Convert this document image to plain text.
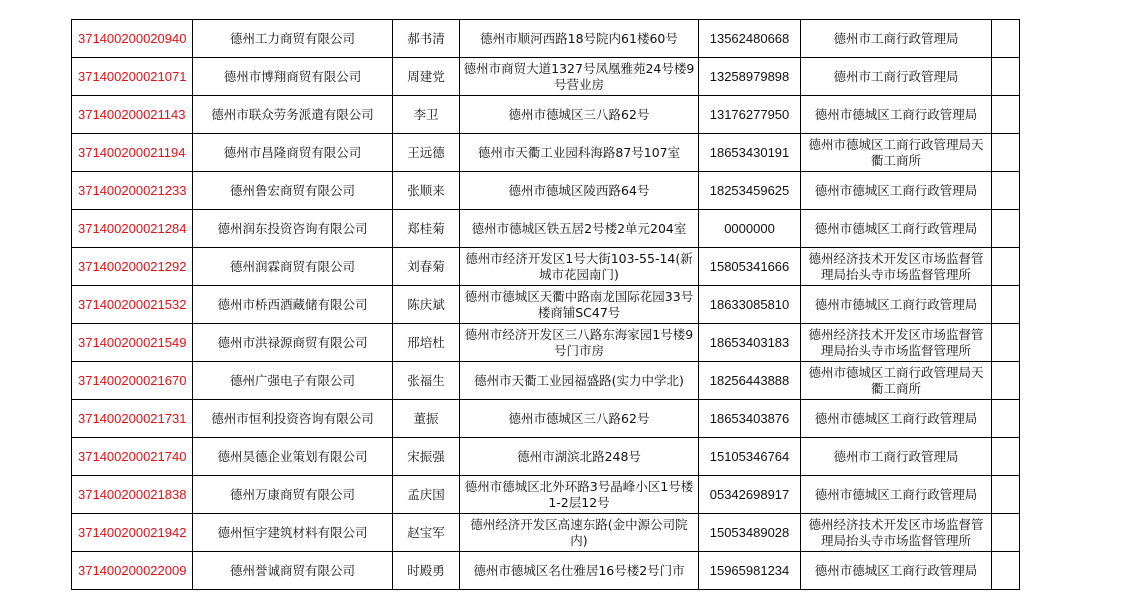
371400200020940	德州工力商贸有限公司	郝书清	德州市顺河西路18号院内61楼60号	13562480668	德州市工商行政管理局	
371400200021071	德州市博翔商贸有限公司	周建党	德州市商贸大道1327号凤凰雅苑24号楼9号营业房	13258979898	德州市工商行政管理局	
371400200021143	德州市联众劳务派遣有限公司	李卫	德州市德城区三八路62号	13176277950	德州市德城区工商行政管理局	
371400200021194	德州市昌隆商贸有限公司	王远德	德州市天衢工业园科海路87号107室	18653430191	德州市德城区工商行政管理局天衢工商所	
371400200021233	德州鲁宏商贸有限公司	张顺来	德州市德城区陵西路64号	18253459625	德州市德城区工商行政管理局	
371400200021284	德州润东投资咨询有限公司	郑桂菊	德州市德城区铁五居2号楼2单元204室	0000000	德州市德城区工商行政管理局	
371400200021292	德州润霖商贸有限公司	刘春菊	德州市经济开发区1号大街103-55-14(新城市花园南门)	15805341666	德州经济技术开发区市场监督管理局抬头寺市场监督管理所	
371400200021532	德州市桥西酒藏储有限公司	陈庆斌	德州市德城区天衢中路南龙国际花园33号楼商铺SC47号	18633085810	德州市德城区工商行政管理局	
371400200021549	德州市洪禄源商贸有限公司	邢培杜	德州市经济开发区三八路东海家园1号楼9号门市房	18653403183	德州经济技术开发区市场监督管理局抬头寺市场监督管理所	
371400200021670	德州广强电子有限公司	张福生	德州市天衢工业园福盛路(实力中学北)	18256443888	德州市德城区工商行政管理局天衢工商所	
371400200021731	德州市恒利投资咨询有限公司	董振	德州市德城区三八路62号	18653403876	德州市德城区工商行政管理局	
371400200021740	德州昊德企业策划有限公司	宋振强	德州市湖滨北路248号	15105346764	德州市工商行政管理局	
371400200021838	德州万康商贸有限公司	孟庆国	德州市德城区北外环路3号晶峰小区1号楼1-2层12号	05342698917	德州市德城区工商行政管理局	
371400200021942	德州恒宇建筑材料有限公司	赵宝军	德州经济开发区高速东路(金中源公司院内)	15053489028	德州经济技术开发区市场监督管理局抬头寺市场监督管理所	
371400200022009	德州誉诚商贸有限公司	时殿勇	德州市德城区名仕雅居16号楼2号门市	15965981234	德州市德城区工商行政管理局	
